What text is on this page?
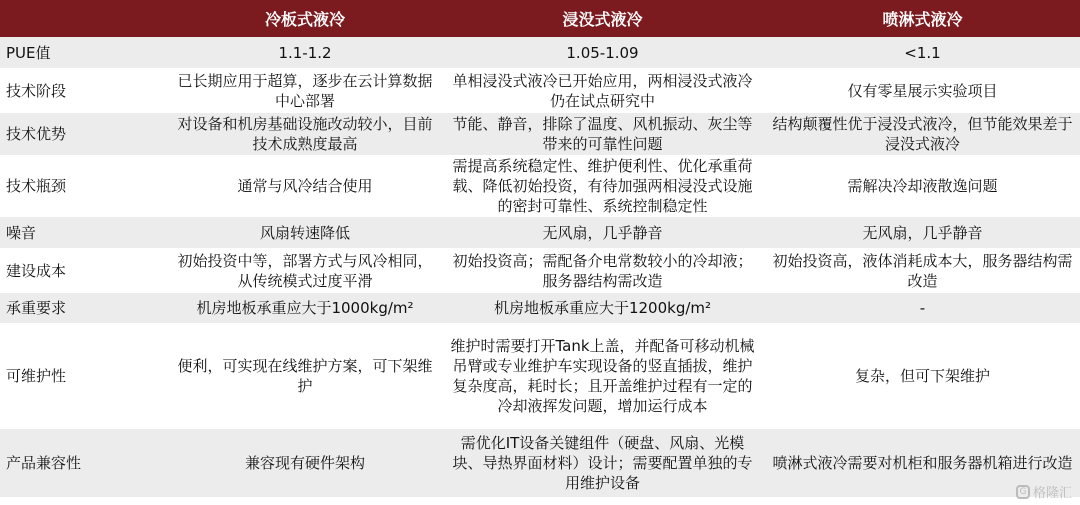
	冷板式液冷	浸没式液冷	喷淋式液冷
PUE值	1.1-1.2	1.05-1.09	<1.1
技术阶段	已长期应用于超算，逐步在云计算数据中心部署	单相浸没式液冷已开始应用，两相浸没式液冷仍在试点研究中	仅有零星展示实验项目
技术优势	对设备和机房基础设施改动较小，目前技术成熟度最高	节能、静音，排除了温度、风机振动、灰尘等带来的可靠性问题	结构颠覆性优于浸没式液冷，但节能效果差于浸没式液冷
技术瓶颈	通常与风冷结合使用	需提高系统稳定性、维护便利性、优化承重荷载、降低初始投资，有待加强两相浸没式设施的密封可靠性、系统控制稳定性	需解决冷却液散逸问题
噪音	风扇转速降低	无风扇，几乎静音	无风扇，几乎静音
建设成本	初始投资中等，部署方式与风冷相同，从传统模式过度平滑	初始投资高；需配备介电常数较小的冷却液；服务器结构需改造	初始投资高，液体消耗成本大，服务器结构需改造
承重要求	机房地板承重应大于1000kg/m²	机房地板承重应大于1200kg/m²	-
可维护性	便利，可实现在线维护方案，可下架维护	维护时需要打开Tank上盖，并配备可移动机械吊臂或专业维护车实现设备的竖直插拔，维护复杂度高，耗时长；且开盖维护过程有一定的冷却液挥发问题，增加运行成本	复杂，但可下架维护
产品兼容性	兼容现有硬件架构	需优化IT设备关键组件（硬盘、风扇、光模块、导热界面材料）设计；需要配置单独的专用维护设备	喷淋式液冷需要对机柜和服务器机箱进行改造
G 格隆汇
